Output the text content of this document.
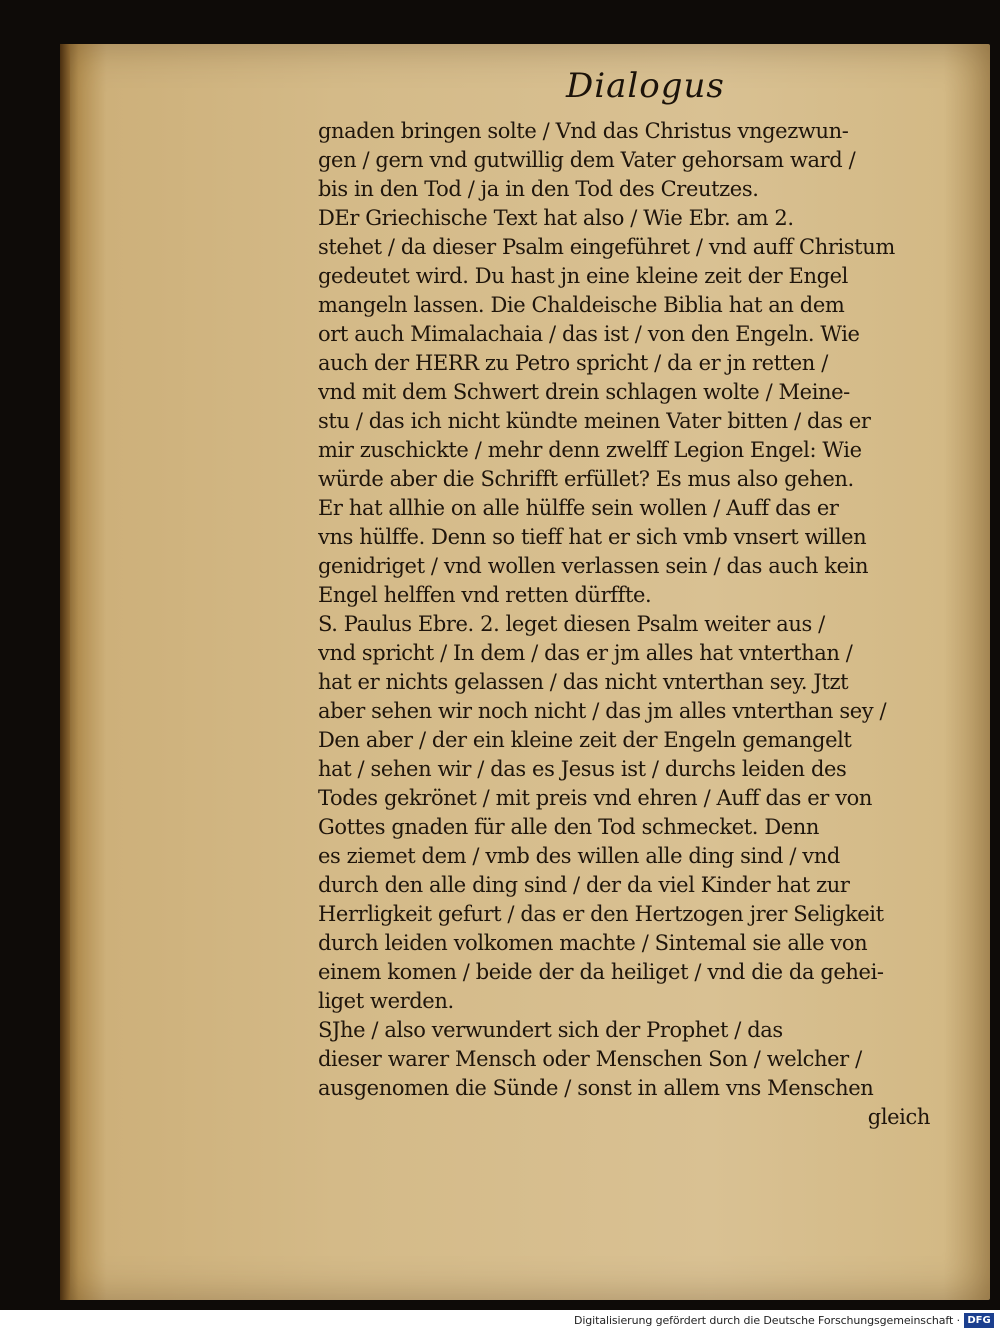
Dialogus
gnaden bringen solte / Vnd das Christus vngezwun-
gen / gern vnd gutwillig dem Vater gehorsam ward /
bis in den Tod / ja in den Tod des Creutzes.
DEr Griechische Text hat also / Wie Ebr. am 2.
stehet / da dieser Psalm eingeführet / vnd auff Christum
gedeutet wird. Du hast jn eine kleine zeit der Engel
mangeln lassen. Die Chaldeische Biblia hat an dem
ort auch Mimalachaia / das ist / von den Engeln. Wie
auch der HERR zu Petro spricht / da er jn retten /
vnd mit dem Schwert drein schlagen wolte / Meine-
stu / das ich nicht kündte meinen Vater bitten / das er
mir zuschickte / mehr denn zwelff Legion Engel: Wie
würde aber die Schrifft erfüllet? Es mus also gehen.
Er hat allhie on alle hülffe sein wollen / Auff das er
vns hülffe. Denn so tieff hat er sich vmb vnsert willen
genidriget / vnd wollen verlassen sein / das auch kein
Engel helffen vnd retten dürffte.
S. Paulus Ebre. 2. leget diesen Psalm weiter aus /
vnd spricht / In dem / das er jm alles hat vnterthan /
hat er nichts gelassen / das nicht vnterthan sey. Jtzt
aber sehen wir noch nicht / das jm alles vnterthan sey /
Den aber / der ein kleine zeit der Engeln gemangelt
hat / sehen wir / das es Jesus ist / durchs leiden des
Todes gekrönet / mit preis vnd ehren / Auff das er von
Gottes gnaden für alle den Tod schmecket. Denn
es ziemet dem / vmb des willen alle ding sind / vnd
durch den alle ding sind / der da viel Kinder hat zur
Herrligkeit gefurt / das er den Hertzogen jrer Seligkeit
durch leiden volkomen machte / Sintemal sie alle von
einem komen / beide der da heiliget / vnd die da gehei-
liget werden.
SJhe / also verwundert sich der Prophet / das
dieser warer Mensch oder Menschen Son / welcher /
ausgenomen die Sünde / sonst in allem vns Menschen
gleich
Digitalisierung gefördert durch die Deutsche Forschungsgemeinschaft · DFG
